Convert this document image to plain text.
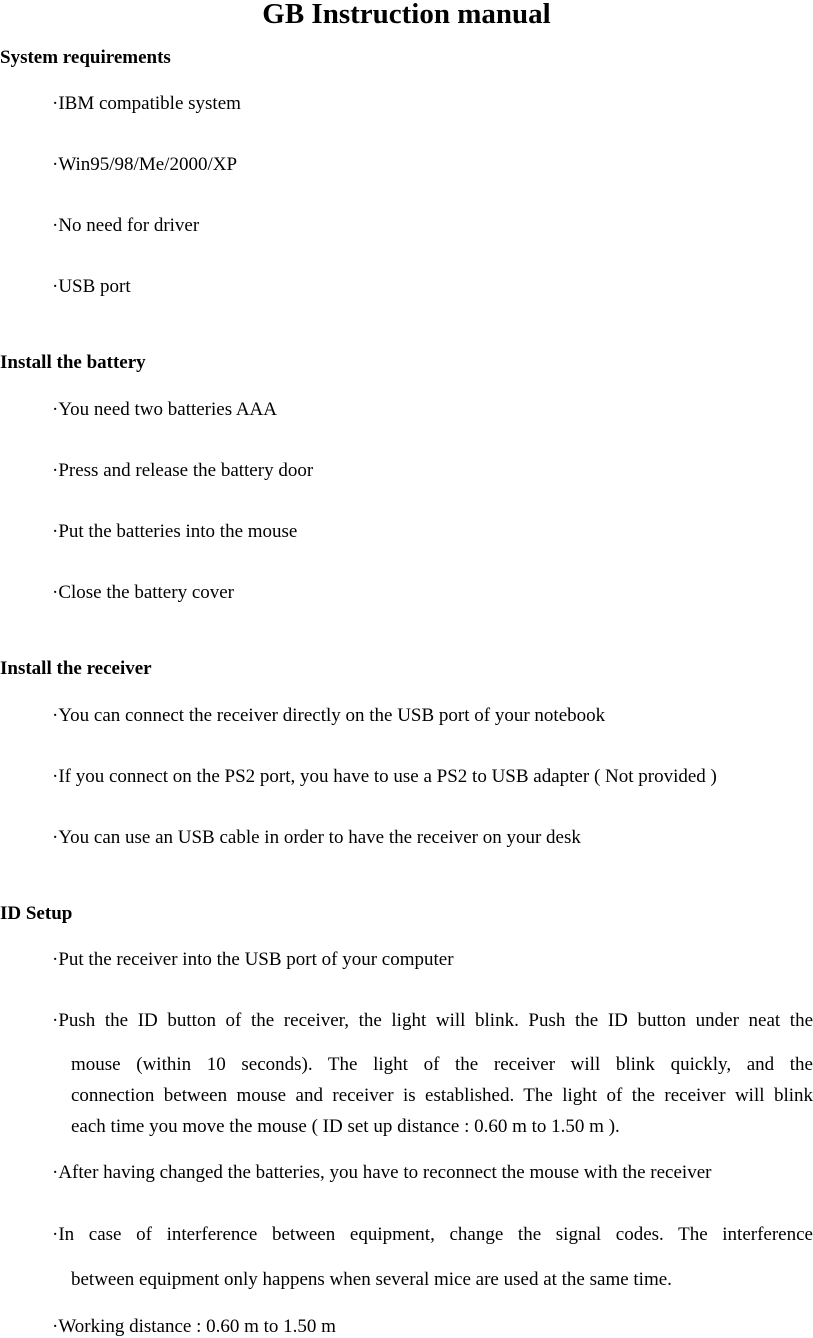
GB Instruction manual
System requirements
·IBM compatible system
·Win95/98/Me/2000/XP
·No need for driver
·USB port
Install the battery
·You need two batteries AAA
·Press and release the battery door
·Put the batteries into the mouse
·Close the battery cover
Install the receiver
·You can connect the receiver directly on the USB port of your notebook
·If you connect on the PS2 port, you have to use a PS2 to USB adapter ( Not provided )
·You can use an USB cable in order to have the receiver on your desk
ID Setup
·Put the receiver into the USB port of your computer
·Push the ID button of the receiver, the light will blink. Push the ID button under neat the
mouse (within 10 seconds). The light of the receiver will blink quickly, and the
connection between mouse and receiver is established. The light of the receiver will blink
each time you move the mouse ( ID set up distance : 0.60 m to 1.50 m ).
·After having changed the batteries, you have to reconnect the mouse with the receiver
·In case of interference between equipment, change the signal codes. The interference
between equipment only happens when several mice are used at the same time.
·Working distance : 0.60 m to 1.50 m
